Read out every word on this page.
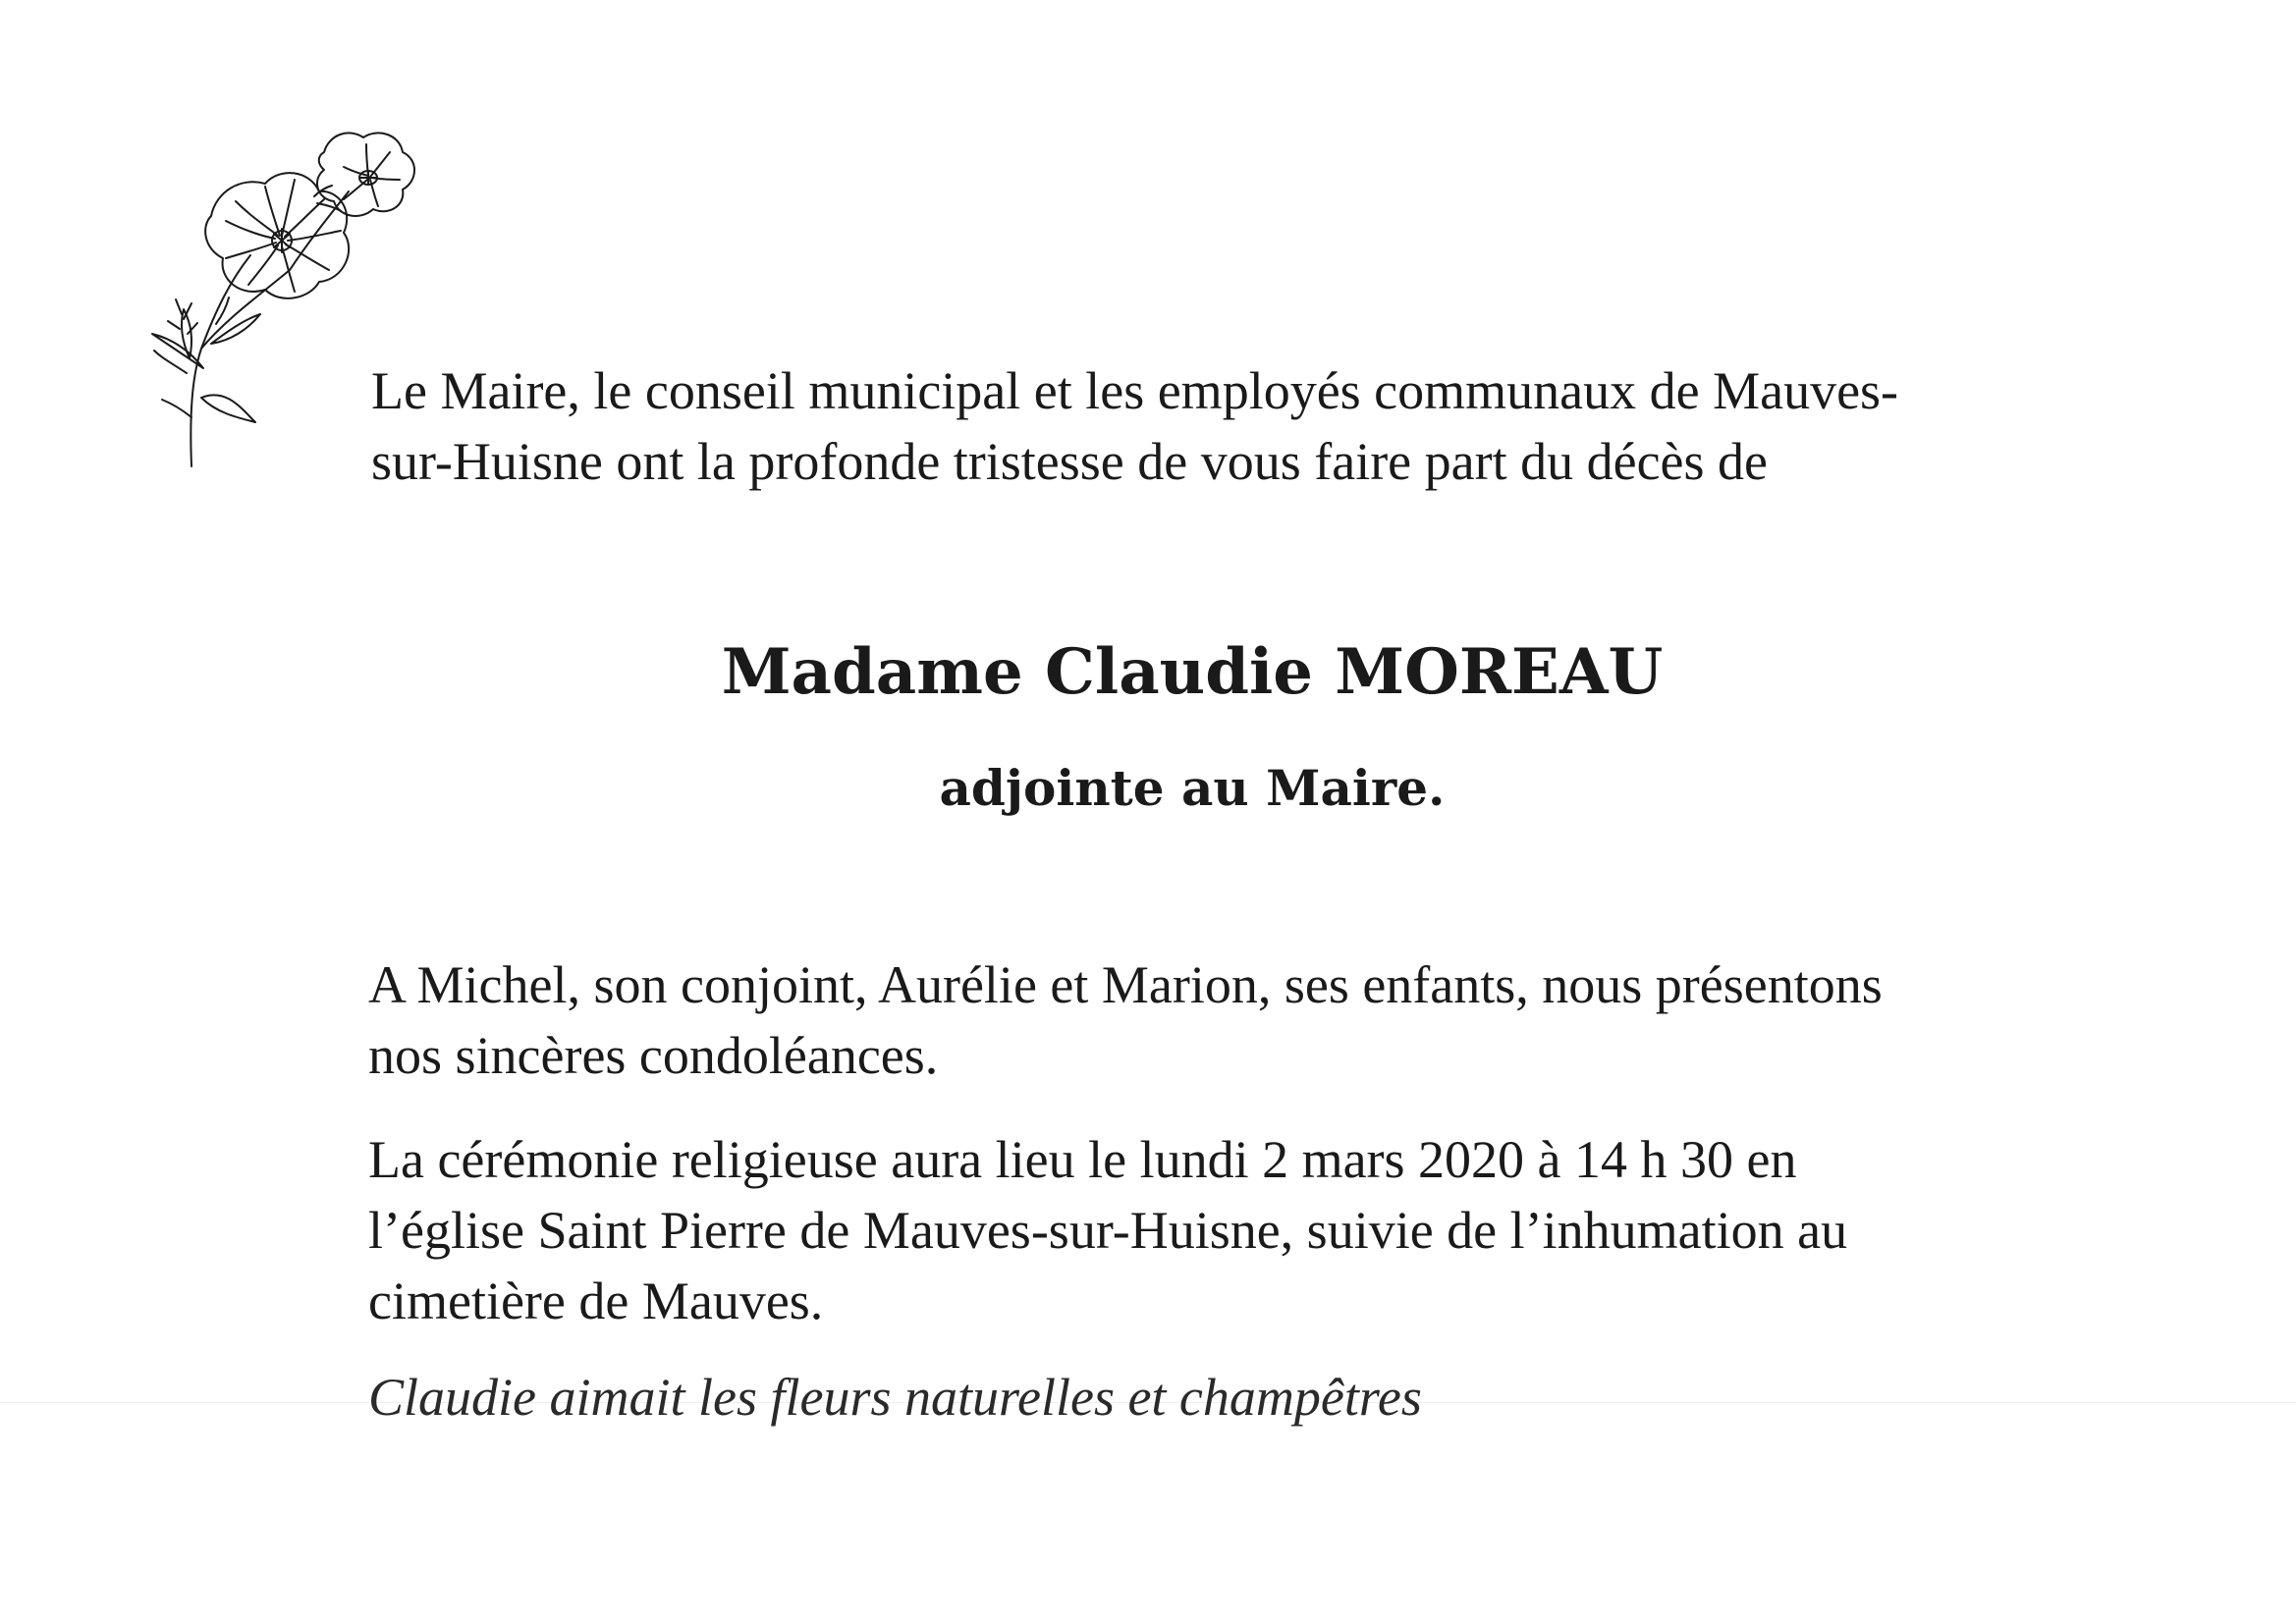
Le Maire, le conseil municipal et les employés communaux de Mauves-
sur-Huisne ont la profonde tristesse de vous faire part du décès de
Madame Claudie MOREAU
adjointe au Maire.
A Michel, son conjoint, Aurélie et Marion, ses enfants, nous présentons
nos sincères condoléances.
La cérémonie religieuse aura lieu le lundi 2 mars 2020 à 14 h 30 en
l’église Saint Pierre de Mauves-sur-Huisne, suivie de l’inhumation au
cimetière de Mauves.
Claudie aimait les fleurs naturelles et champêtres
